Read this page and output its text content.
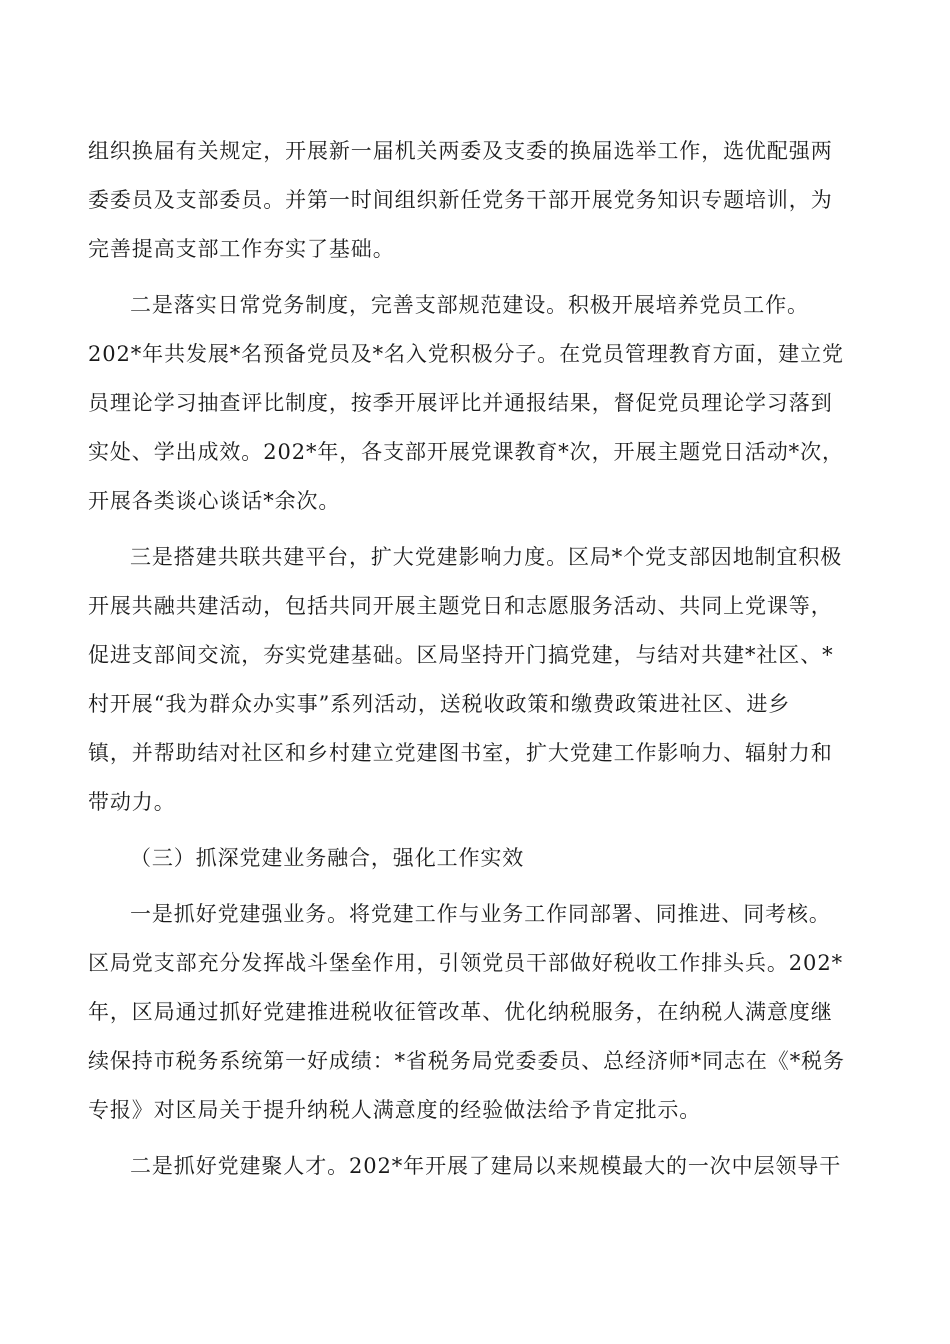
组织换届有关规定，开展新一届机关两委及支委的换届选举工作，选优配强两
委委员及支部委员。并第一时间组织新任党务干部开展党务知识专题培训，为
完善提高支部工作夯实了基础。
二是落实日常党务制度，完善支部规范建设。积极开展培养党员工作。
202*年共发展*名预备党员及*名入党积极分子。在党员管理教育方面，建立党
员理论学习抽查评比制度，按季开展评比并通报结果，督促党员理论学习落到
实处、学出成效。202*年，各支部开展党课教育*次，开展主题党日活动*次，
开展各类谈心谈话*余次。
三是搭建共联共建平台，扩大党建影响力度。区局*个党支部因地制宜积极
开展共融共建活动，包括共同开展主题党日和志愿服务活动、共同上党课等，
促进支部间交流，夯实党建基础。区局坚持开门搞党建，与结对共建*社区、*
村开展“我为群众办实事”系列活动，送税收政策和缴费政策进社区、进乡
镇，并帮助结对社区和乡村建立党建图书室，扩大党建工作影响力、辐射力和
带动力。
（三）抓深党建业务融合，强化工作实效
一是抓好党建强业务。将党建工作与业务工作同部署、同推进、同考核。
区局党支部充分发挥战斗堡垒作用，引领党员干部做好税收工作排头兵。202*
年，区局通过抓好党建推进税收征管改革、优化纳税服务，在纳税人满意度继
续保持市税务系统第一好成绩：*省税务局党委委员、总经济师*同志在《*税务
专报》对区局关于提升纳税人满意度的经验做法给予肯定批示。
二是抓好党建聚人才。202*年开展了建局以来规模最大的一次中层领导干
